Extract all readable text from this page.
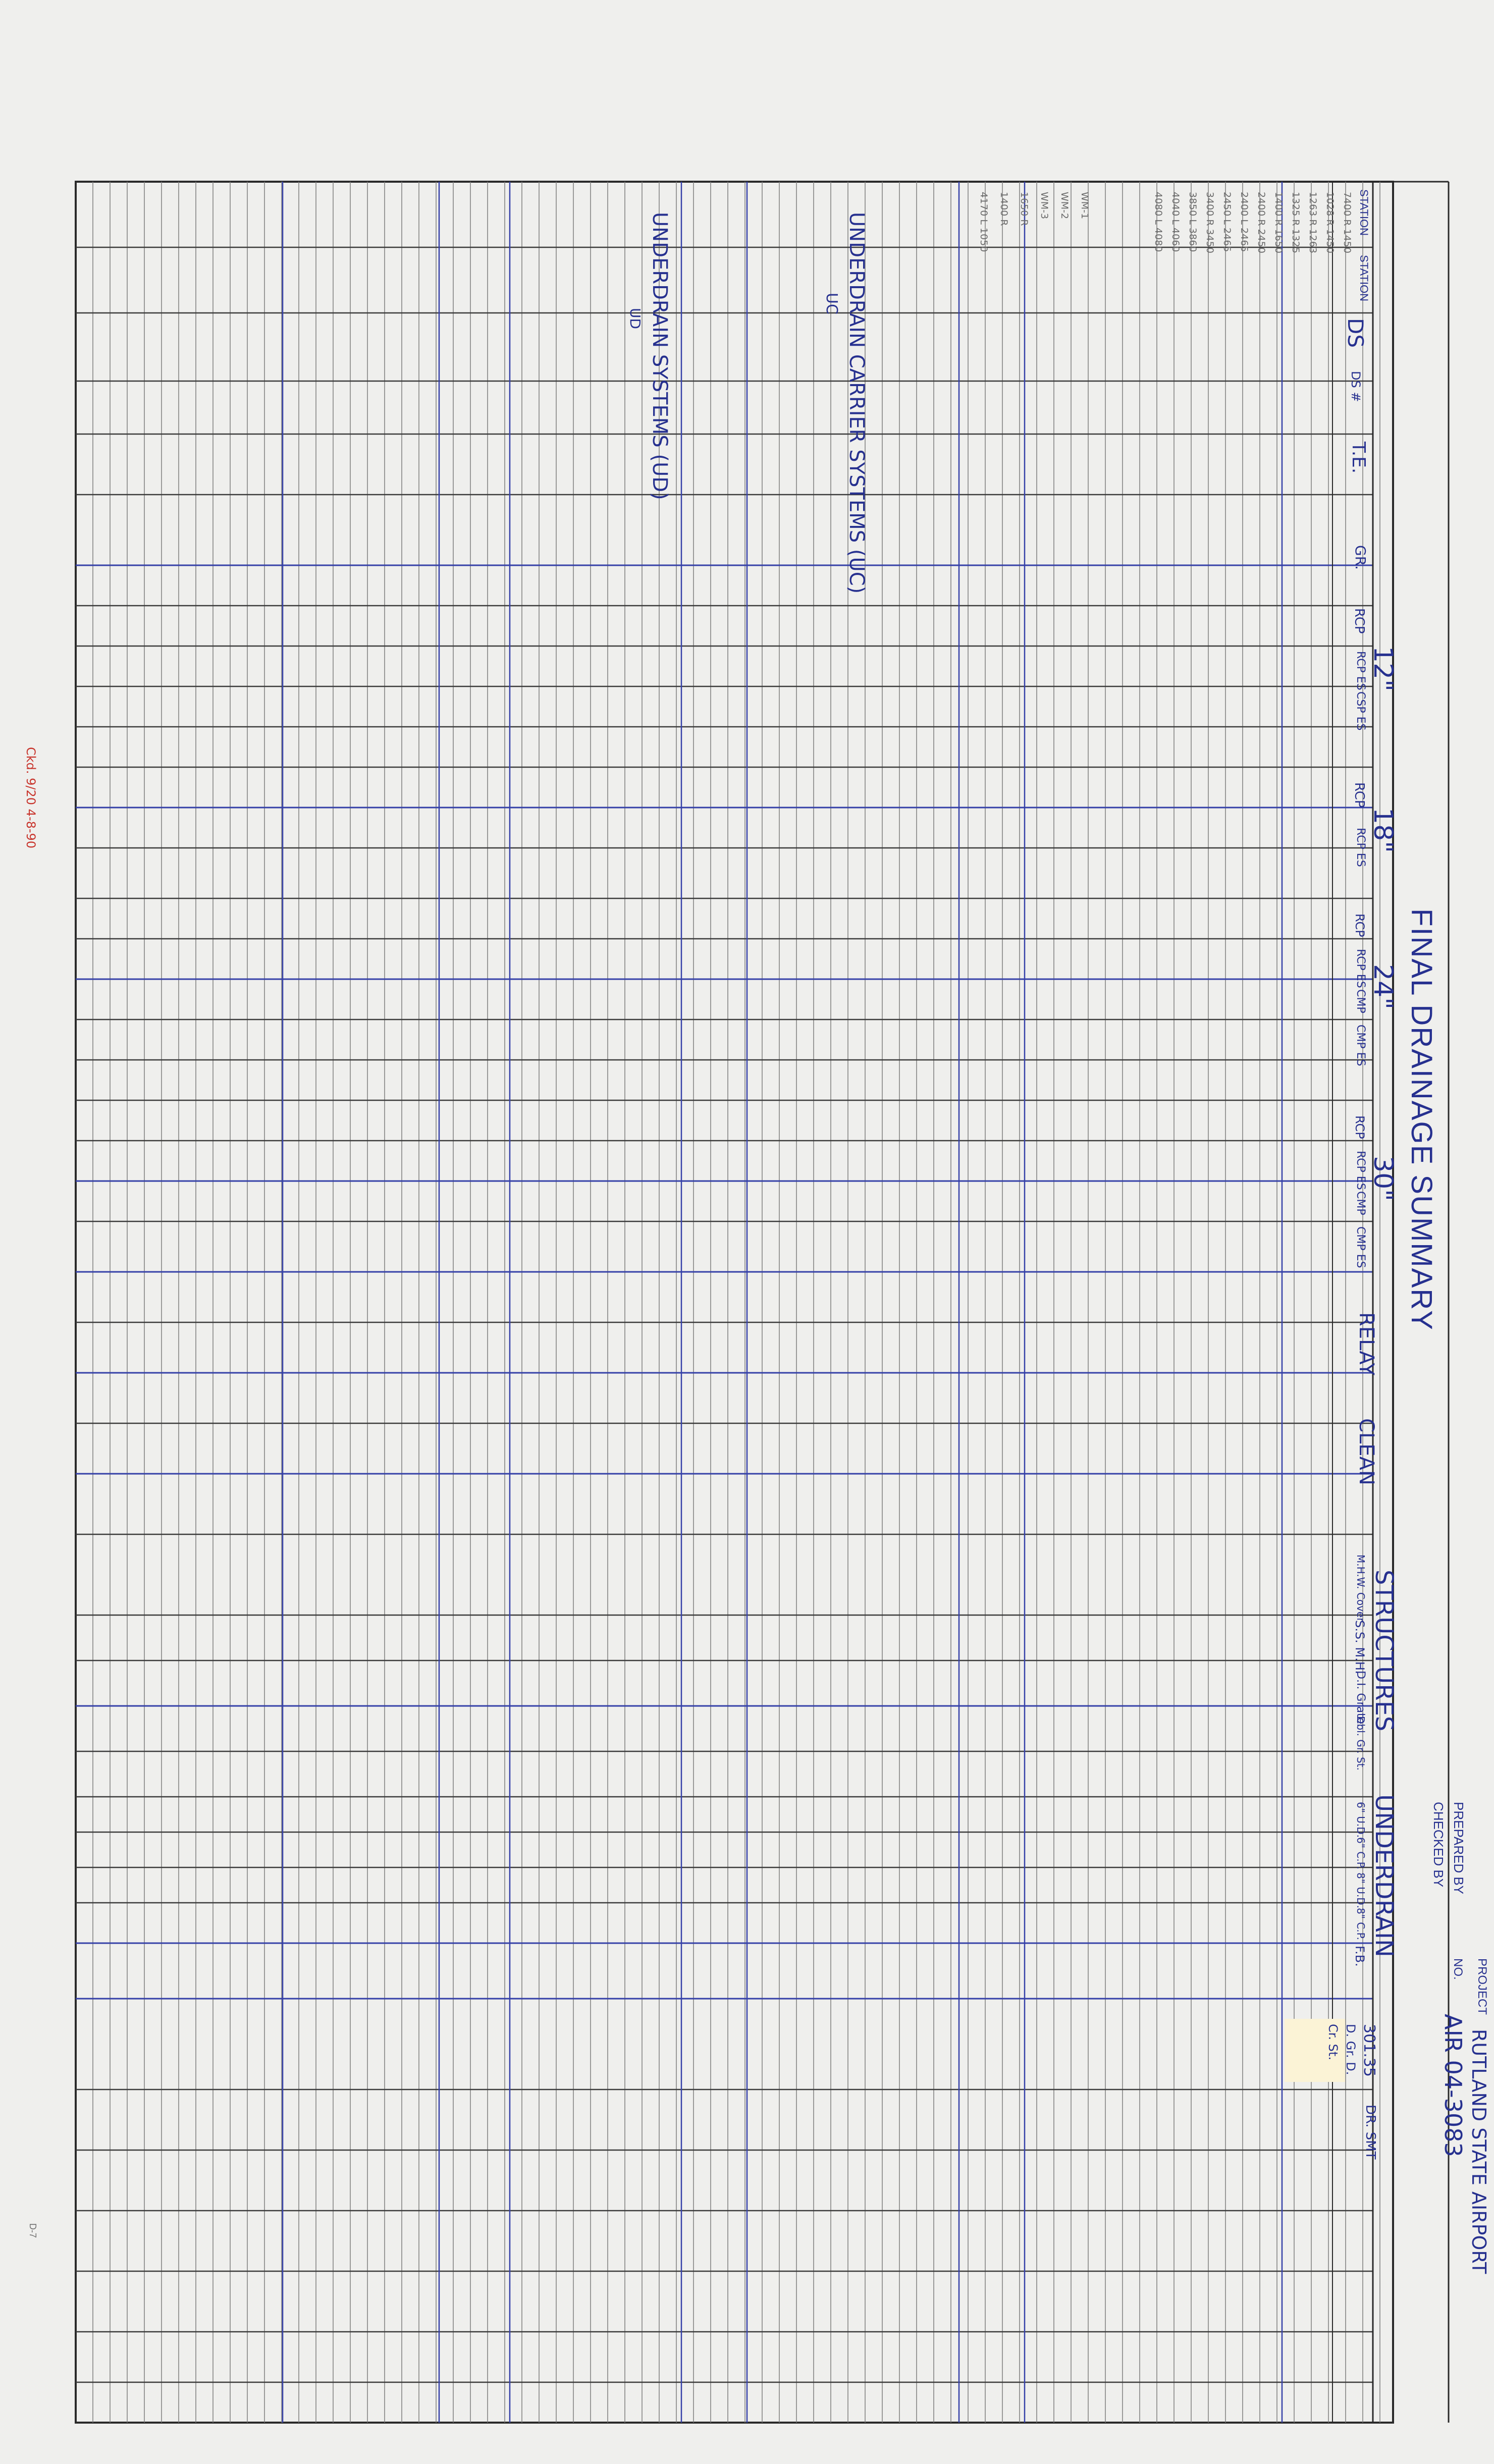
FINAL DRAINAGE SUMMARY
PROJECT
RUTLAND STATE AIRPORT
NO.
AIR 04-3083
PREPARED BY
CHECKED BY
STATION
STATION
DS
DS #
T.E.
GR.
12"
RCP
RCP ES
CSP ES
18"
RCP
RCP ES
24"
RCP
RCP ES
CMP
CMP ES
30"
RCP
RCP ES
CMP
CMP ES
RELAY
CLEAN
STRUCTURES
M.H.W. Cover
S.S. M.H.
D.I. Grate
Dbl. Gr. St.
UNDERDRAIN
6" U.D.
6" C.P.
8" U.D.
8" C.P.
F.B.
301.35
D. Gr. D.
Cr. St.
DR. SMT
UNDERDRAIN CARRIER SYSTEMS (UC)
UC
UNDERDRAIN SYSTEMS (UD)
UD
7400 R 1450
1028 R 1450
1263 R 1263
1325 R 1325
1400 R 1650
2400 R 2450
2400 L 2465
2450 L 2465
3400 R 3450
3850 L 3860
4040 L 4060
4080 L 4080
WM-1
WM-2
WM-3
1650 R
1400 R
4170 L 1050
Ckd. 9/20 4-8-90
D-7
